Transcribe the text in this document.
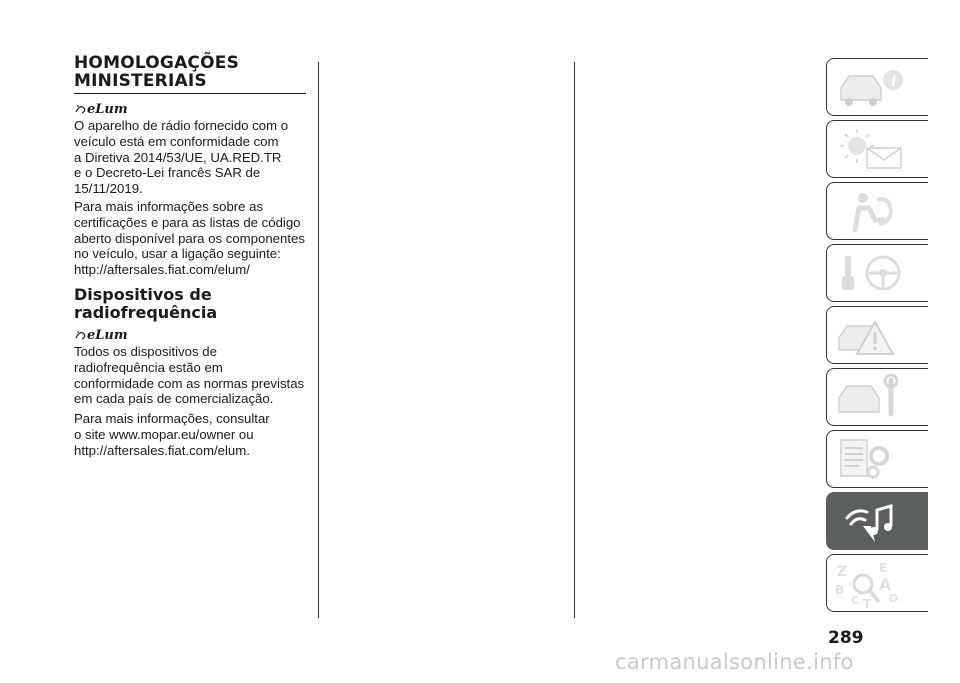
HOMOLOGAÇÕES
MINISTERIAIS
eLum

O aparelho de rádio fornecido com o
veículo está em conformidade com
a Diretiva 2014/53/UE, UA.RED.TR
e o Decreto-Lei francês SAR de
15/11/2019.

Para mais informações sobre as
certificações e para as listas de código
aberto disponível para os componentes
no veículo, usar a ligação seguinte:
http://aftersales.fiat.com/elum/

Dispositivos de
radiofrequência
eLum

Todos os dispositivos de
radiofrequência estão em
conformidade com as normas previstas
em cada país de comercialização.

Para mais informações, consultar
o site www.mopar.eu/owner ou
http://aftersales.fiat.com/elum.

i
Z	E
B A
D
C T
289
carmanualsonline.info
